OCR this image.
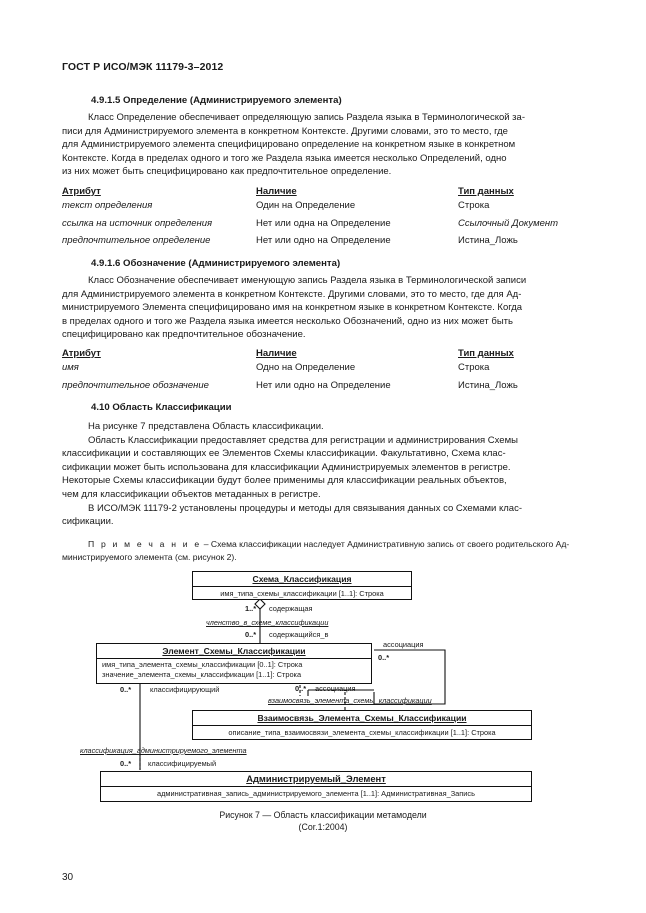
ГОСТ Р ИСО/МЭК 11179-3–2012
4.9.1.5 Определение (Администрируемого элемента)
Класс Определение обеспечивает определяющую запись Раздела языка в Терминологической за-
писи для Администрируемого элемента в конкретном Контексте. Другими словами, это то место, где
для Администрируемого элемента специфицировано определение на конкретном языке в конкретном
Контексте. Когда в пределах одного и того же Раздела языка имеется несколько Определений, одно
из них может быть специфицировано как предпочтительное определение.
Атрибут	Наличие	Тип данных
текст определения	Один на Определение	Строка
ссылка на источник определения	Нет или одна на Определение	Ссылочный Документ
предпочтительное определение	Нет или одно на Определение	Истина_Ложь
4.9.1.6 Обозначение (Администрируемого элемента)
Класс Обозначение обеспечивает именующую запись Раздела языка в Терминологической записи
для Администрируемого элемента в конкретном Контексте. Другими словами, это то место, где для Ад-
министрируемого Элемента специфицировано имя на конкретном языке в конкретном Контексте. Когда
в пределах одного и того же Раздела языка имеется несколько Обозначений, одно из них может быть
специфицировано как предпочтительное обозначение.
Атрибут	Наличие	Тип данных
имя	Одно на Определение	Строка
предпочтительное обозначение	Нет или одно на Определение	Истина_Ложь
4.10 Область Классификации
На рисунке 7 представлена Область классификации.
Область Классификации предоставляет средства для регистрации и администрирования Схемы
классификации и составляющих ее Элементов Схемы классификации. Факультативно, Схема клас-
сификации может быть использована для классификации Администрируемых элементов в регистре.
Некоторые Схемы классификации будут более применимы для классификации реальных объектов,
чем для классификации объектов метаданных в регистре.
В ИСО/МЭК 11179-2 установлены процедуры и методы для связывания данных со Схемами клас-
сификации.
П р и м е ч а н и е – Схема классификации наследует Административную запись от своего родительского Ад-
министрируемого элемента (см. рисунок 2).
Схема_Классификация
имя_типа_схемы_классификации [1..1]: Строка
1..* содержащая
членство_в_схеме_классификации
0..* содержащийся_в
ассоциация
0..*
Элемент_Схемы_Классификации
имя_типа_элемента_схемы_классификации [0..1]: Строка
значение_элемента_схемы_классификации [1..1]: Строка
0..*	классифицирующий	0..* ассоциация
взаимосвязь_элемента_схемы_классификации
Взаимосвязь_Элемента_Схемы_Классификации
описание_типа_взаимосвязи_элемента_схемы_классификации [1..1]: Строка
классификация_администрируемого_элемента
0..* классифицируемый
Администрируемый_Элемент
административная_запись_администрируемого_элемента [1..1]: Административная_Запись
Рисунок 7 — Область классификации метамодели
(Cor.1:2004)
30
